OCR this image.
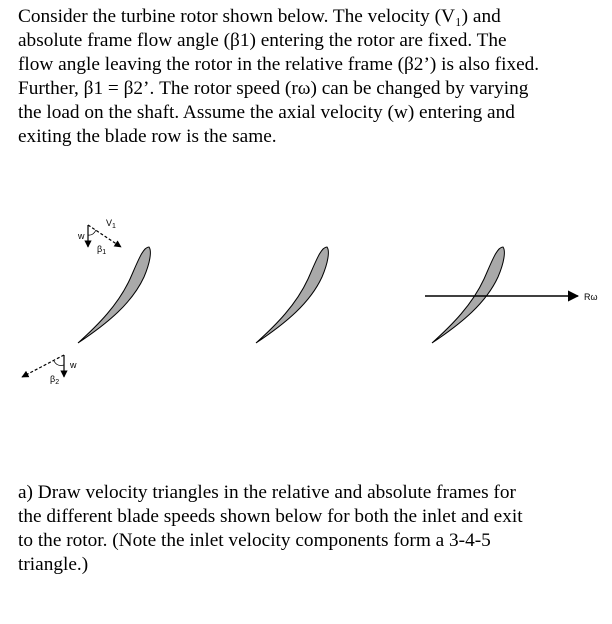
Consider the turbine rotor shown below. The velocity (V₁) and
absolute frame flow angle (β1) entering the rotor are fixed. The
flow angle leaving the rotor in the relative frame (β2’) is also fixed.
Further, β1 = β2’. The rotor speed (rω) can be changed by varying
the load on the shaft. Assume the axial velocity (w) entering and
exiting the blade row is the same.
w
$V_1$
$\beta_1$
w
$\beta_2$
Rω
a) Draw velocity triangles in the relative and absolute frames for
the different blade speeds shown below for both the inlet and exit
to the rotor. (Note the inlet velocity components form a 3-4-5
triangle.)
